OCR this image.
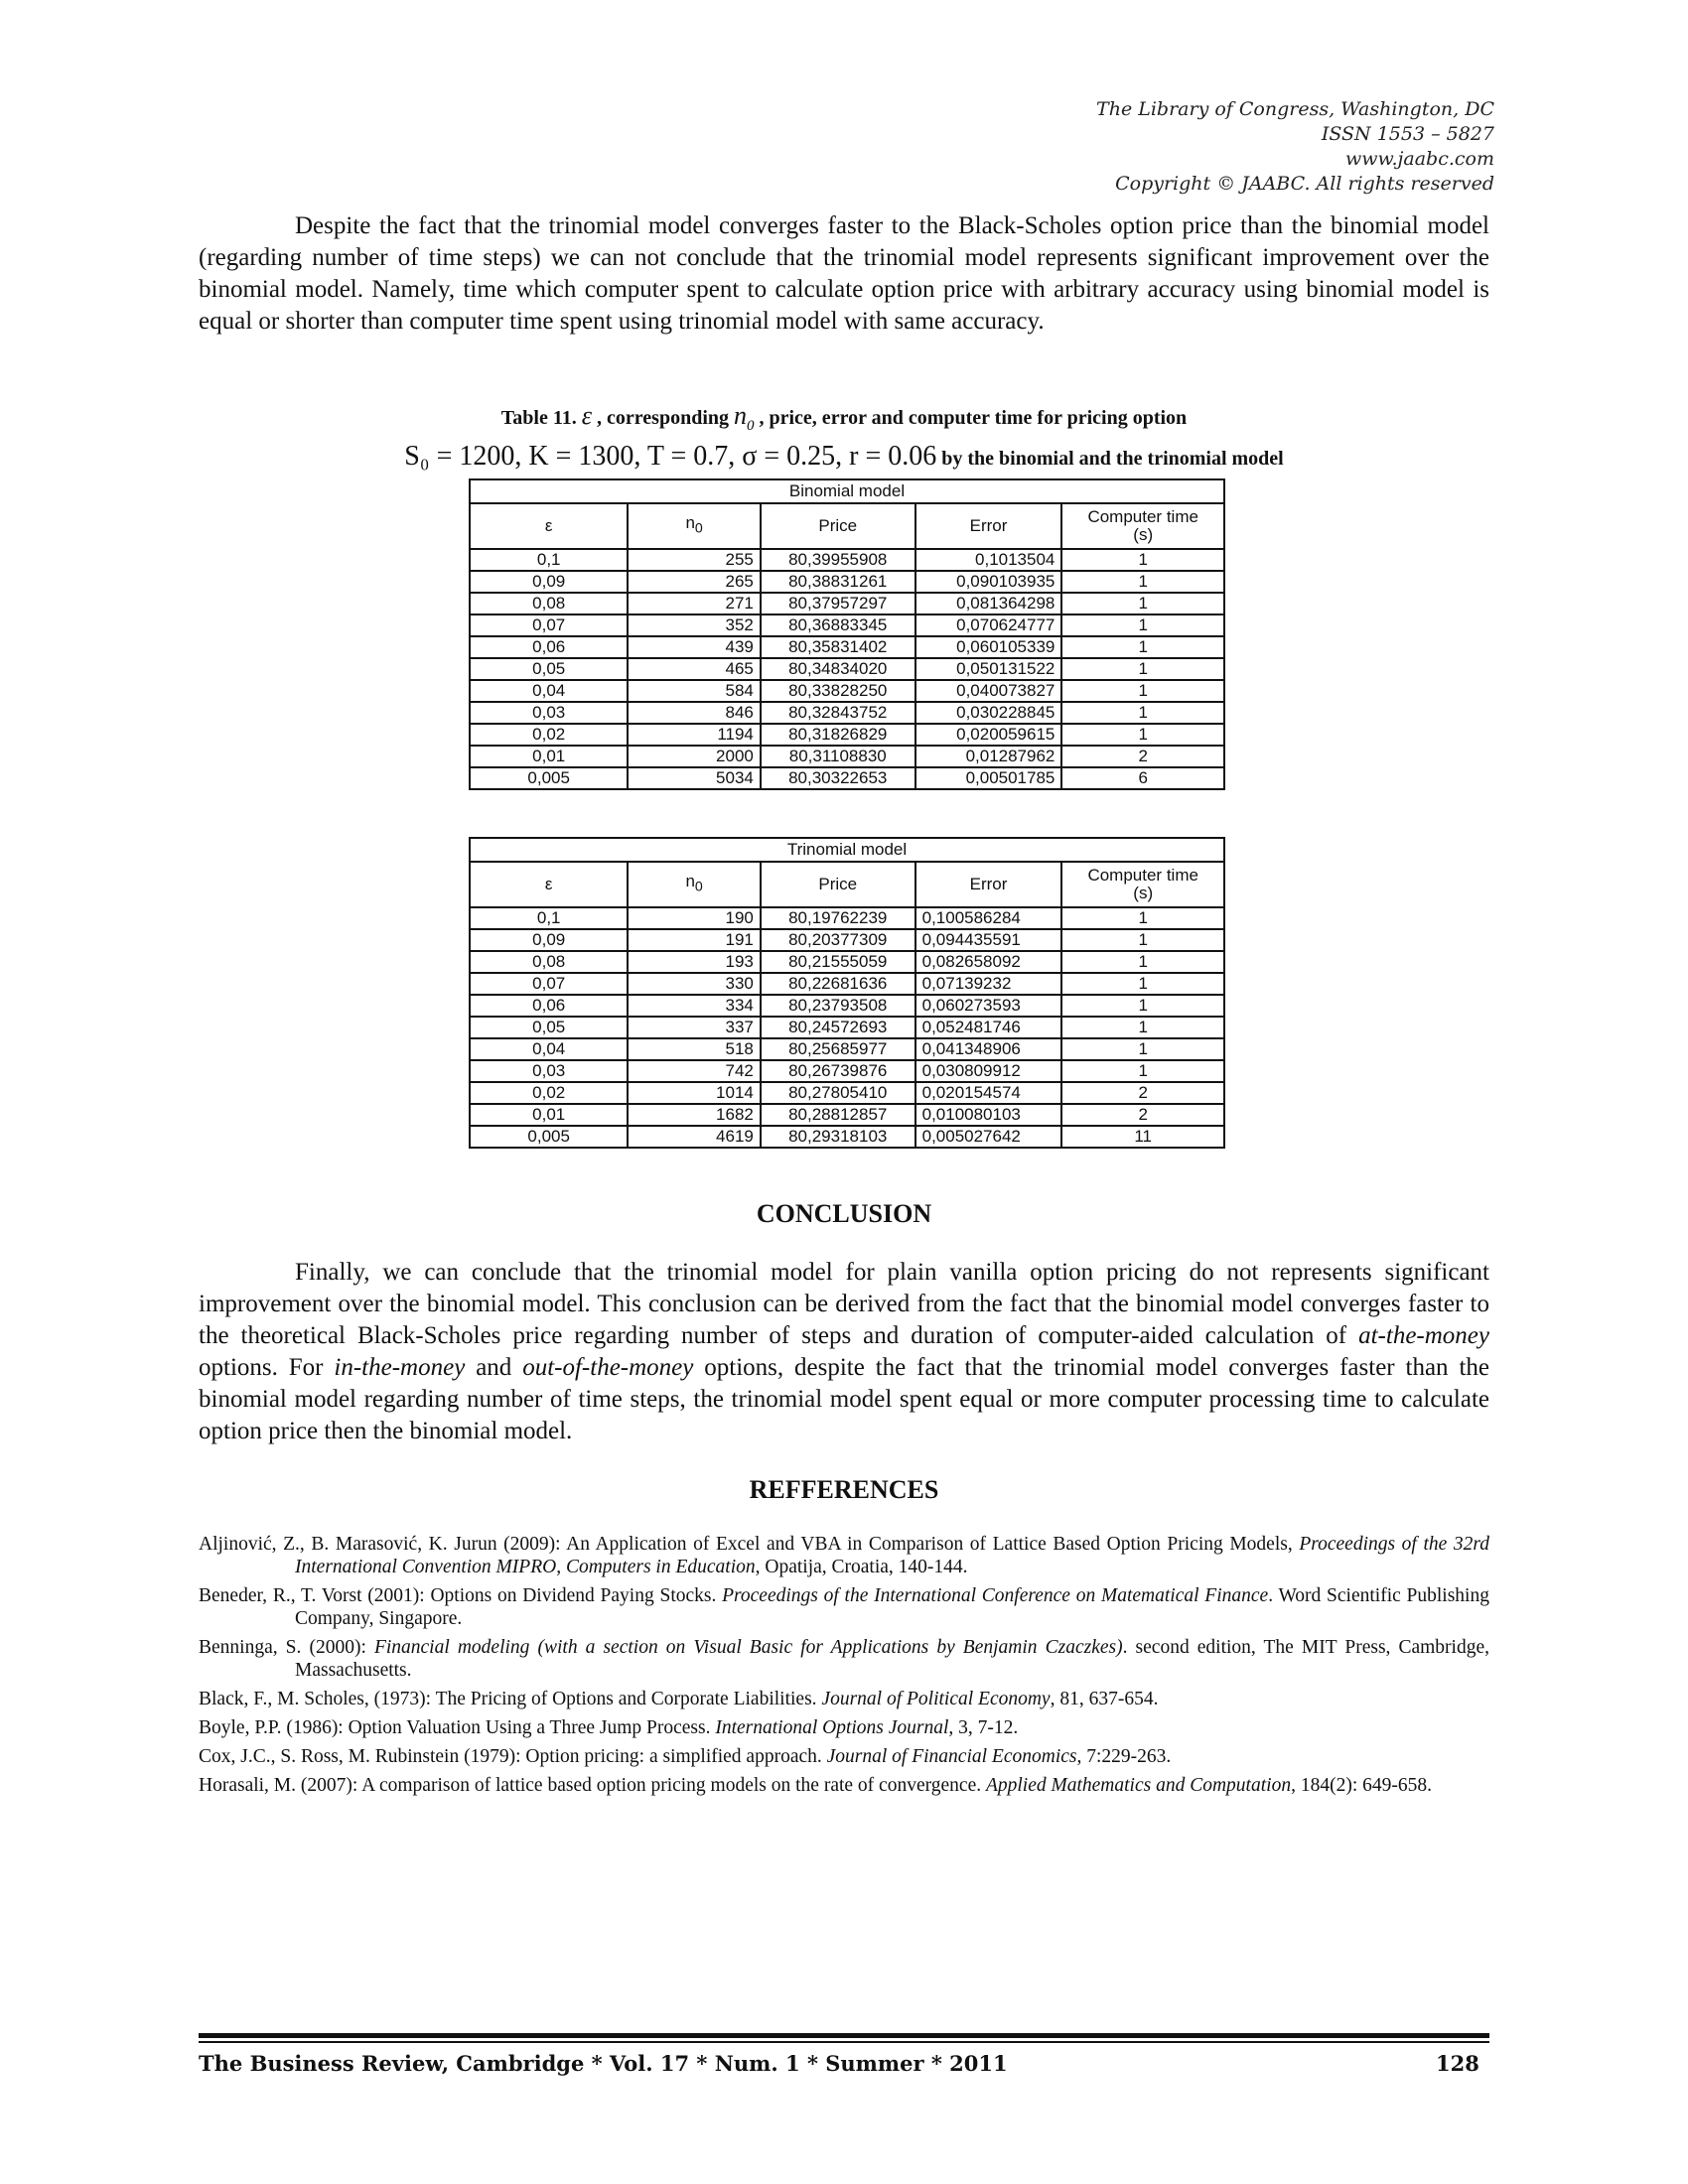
The Library of Congress, Washington, DC
ISSN 1553 – 5827
www.jaabc.com
Copyright © JAABC. All rights reserved
Despite the fact that the trinomial model converges faster to the Black-Scholes option price than the binomial model (regarding number of time steps) we can not conclude that the trinomial model represents significant improvement over the binomial model. Namely, time which computer spent to calculate option price with arbitrary accuracy using binomial model is equal or shorter than computer time spent using trinomial model with same accuracy.
Table 11. ε , corresponding $n_0$ , price, error and computer time for pricing option
S₀ = 1200, K = 1300, T = 0.7, σ = 0.25, r = 0.06 by the binomial and the trinomial model
Binomial model				
ε	$n_0$	Price	Error	Computer time
(s)
0,1	255	80,39955908	0,1013504	1
0,09	265	80,38831261	0,090103935	1
0,08	271	80,37957297	0,081364298	1
0,07	352	80,36883345	0,070624777	1
0,06	439	80,35831402	0,060105339	1
0,05	465	80,34834020	0,050131522	1
0,04	584	80,33828250	0,040073827	1
0,03	846	80,32843752	0,030228845	1
0,02	1194	80,31826829	0,020059615	1
0,01	2000	80,31108830	0,01287962	2
0,005	5034	80,30322653	0,00501785	6
Trinomial model				
ε	$n_0$	Price	Error	Computer time
(s)
0,1	190	80,19762239	0,100586284	1
0,09	191	80,20377309	0,094435591	1
0,08	193	80,21555059	0,082658092	1
0,07	330	80,22681636	0,07139232	1
0,06	334	80,23793508	0,060273593	1
0,05	337	80,24572693	0,052481746	1
0,04	518	80,25685977	0,041348906	1
0,03	742	80,26739876	0,030809912	1
0,02	1014	80,27805410	0,020154574	2
0,01	1682	80,28812857	0,010080103	2
0,005	4619	80,29318103	0,005027642	11
CONCLUSION
Finally, we can conclude that the trinomial model for plain vanilla option pricing do not represents significant improvement over the binomial model. This conclusion can be derived from the fact that the binomial model converges faster to the theoretical Black-Scholes price regarding number of steps and duration of computer-aided calculation of at-the-money options. For in-the-money and out-of-the-money options, despite the fact that the trinomial model converges faster than the binomial model regarding number of time steps, the trinomial model spent equal or more computer processing time to calculate option price then the binomial model.
REFFERENCES
Aljinović, Z., B. Marasović, K. Jurun (2009): An Application of Excel and VBA in Comparison of Lattice Based Option Pricing Models, Proceedings of the 32rd International Convention MIPRO, Computers in Education, Opatija, Croatia, 140-144.
Beneder, R., T. Vorst (2001): Options on Dividend Paying Stocks. Proceedings of the International Conference on Matematical Finance. Word Scientific Publishing Company, Singapore.
Benninga, S. (2000): Financial modeling (with a section on Visual Basic for Applications by Benjamin Czaczkes). second edition, The MIT Press, Cambridge, Massachusetts.
Black, F., M. Scholes, (1973): The Pricing of Options and Corporate Liabilities. Journal of Political Economy, 81, 637-654.
Boyle, P.P. (1986): Option Valuation Using a Three Jump Process. International Options Journal, 3, 7-12.
Cox, J.C., S. Ross, M. Rubinstein (1979): Option pricing: a simplified approach. Journal of Financial Economics, 7:229-263.
Horasali, M. (2007): A comparison of lattice based option pricing models on the rate of convergence. Applied Mathematics and Computation, 184(2): 649-658.
The Business Review, Cambridge * Vol. 17 * Num. 1 * Summer * 2011	128
